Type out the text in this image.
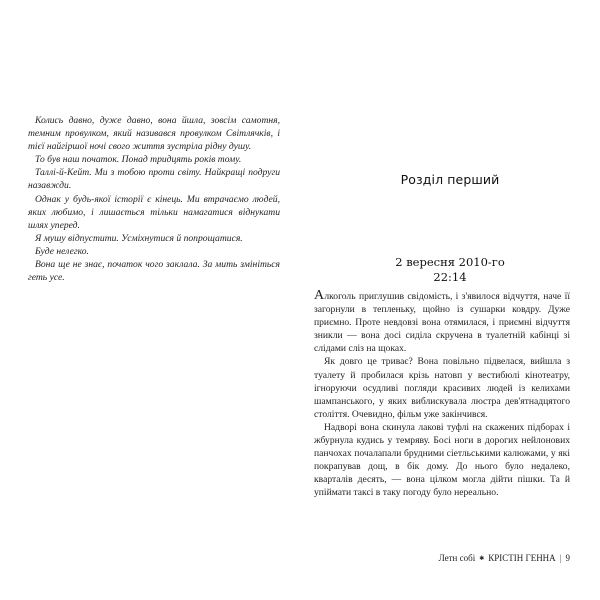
Колись давно, дуже давно, вона йшла, зовсім самотня, темним провулком, який називався провулком Світлячків, і тієї найгіршої ночі свого життя зустріла рідну душу.

То був наш початок. Понад тридцять років тому.

Таллі-й-Кейт. Ми з тобою проти світу. Найкращі подруги назавжди.

Однак у будь-якої історії є кінець. Ми втрачаємо людей, яких любимо, і лишається тільки намагатися віднукати шлях уперед.

Я мушу відпустити. Усміхнутися й попрощатися.

Буде нелегко.

Вона ще не знає, початок чого заклала. За мить змініться геть усе.

Розділ перший
2 вересня 2010-го
22:14

Алкоголь приглушив свідомість, і з'явилося відчуття, наче її загорнули в тепленьку, щойно із сушарки ковдру. Дуже приємно. Проте невдовзі вона отямилася, і приємні відчуття зникли — вона досі сиділа скручена в туалетній кабінці зі слідами сліз на щоках.

Як довго це триває? Вона повільно підвелася, вийшла з туалету й пробилася крізь натовп у вестибюлі кінотеатру, ігноруючи осудливі погляди красивих людей із келихами шампанського, у яких виблискувала люстра дев'ятнадцятого століття. Очевидно, фільм уже закінчився.

Надворі вона скинула лакові туфлі на скажених підборах і жбурнула кудись у темряву. Босі ноги в дорогих нейлонових панчохах почалапали брудними сіетльськими калюжами, у які покрапував дощ, в бік дому. До нього було недалеко, кварталів десять, — вона цілком могла дійти пішки. Та й упіймати таксі в таку погоду було нереально.

Летн собі ✱ КРІСТІН ГЕННА | 9
